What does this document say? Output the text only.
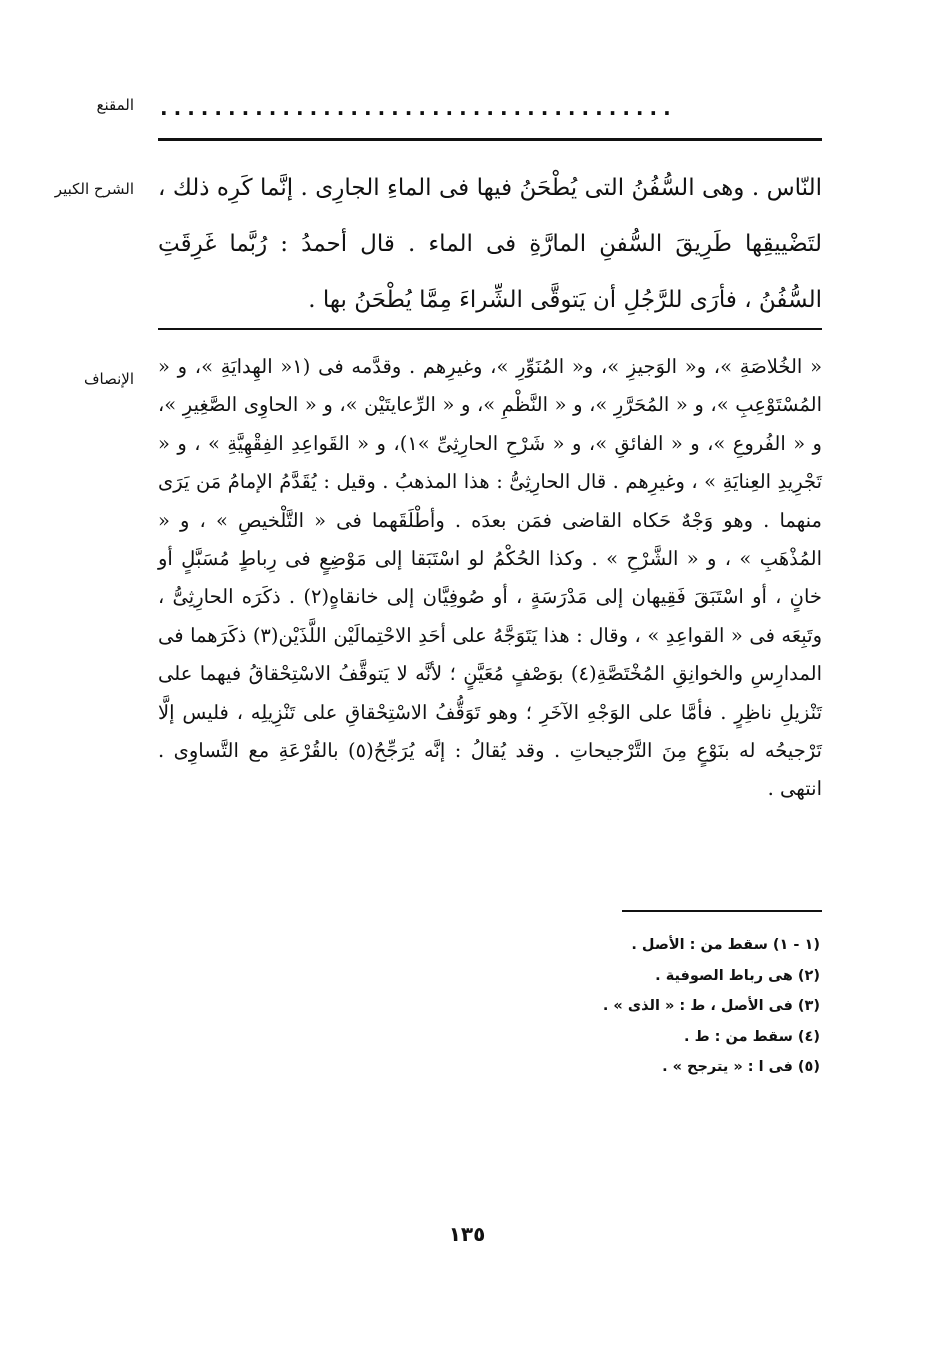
المقنع ......................................
الشرح الكبير النّاس . وهى السُّفُنُ التى يُطْحَنُ فيها فى الماءِ الجارِى . إنَّما كَرِه ذلك ، لتَضْييقِها طَرِيقَ السُّفنِ المارَّةِ فى الماء . قال أحمدُ : رُبَّما غَرِقَتِ السُّفُنُ ، فأرَى للرَّجُلِ أن يَتوقَّى الشِّراءَ مِمَّا يُطْحَنُ بها .
الإنصاف
« الخُلاصَةِ »، و« الوَجيزِ »، و« المُنَوِّرِ »، وغيرِهم . وقدَّمه فى (١« الهِدايَةِ »، و « المُسْتَوْعِبِ »، و « المُحَرَّرِ »، و « النَّظْمِ »، و « الرِّعايتَيْن »، و « الحاوِى الصَّغِيرِ »، و « الفُروعِ »، و « الفائقِ »، و « شَرْحِ الحارِثِىِّ »١)، و « القَواعِدِ الفِقْهِيَّةِ » ، و « تَجْرِيدِ العِنايَةِ » ، وغيرِهم . قال الحارِثِىُّ : هذا المذهبُ . وقيل : يُقَدَّمُ الإمامُ مَن يَرَى منهما . وهو وَجْهٌ حَكاه القاضى فمَن بعدَه . وأطْلَقَهما فى « التَّلْخيصِ » ، و « المُذْهَبِ » ، و « الشَّرْحِ » . وكذا الحُكْمُ لو اسْتَبَقا إلى مَوْضِعٍ فى رِباطٍ مُسَبَّلٍ أو خانٍ ، أو اسْتَبَقَ فَقِيهان إلى مَدْرَسَةٍ ، أو صُوفِيَّان إلى خانقاهٍ(٢) . ذكَرَه الحارِثِىُّ ، وتَبِعَه فى « القواعِدِ » ، وقال : هذا يَتَوَجَّهُ على أحَدِ الاحْتِمالَيْن اللَّذَيْن(٣) ذكَرَهما فى المدارِسِ والخوانِقِ المُخْتَصَّةِ(٤) بوَصْفٍ مُعَيَّنٍ ؛ لأنَّه لا يَتوقَّفُ الاسْتِحْقاقُ فيهما على تَنْزيلِ ناظِرٍ . فأمَّا على الوَجْهِ الآخَرِ ؛ وهو تَوَقُّفُ الاسْتِحْقاقِ على تَنْزِيلِه ، فليس إلَّا تَرْجيحُه له بنَوْعٍ مِنَ التَّرْجيحاتِ . وقد يُقالُ : إنَّه يُرَجِّحُ(٥) بالقُرْعَةِ مع التَّساوِى . انتهى .
(١ - ١) سقط من : الأصل .
(٢) هى رباط الصوفية .
(٣) فى الأصل ، ط : « الذى » .
(٤) سقط من : ط .
(٥) فى ا : « يترجح » .
١٣٥
